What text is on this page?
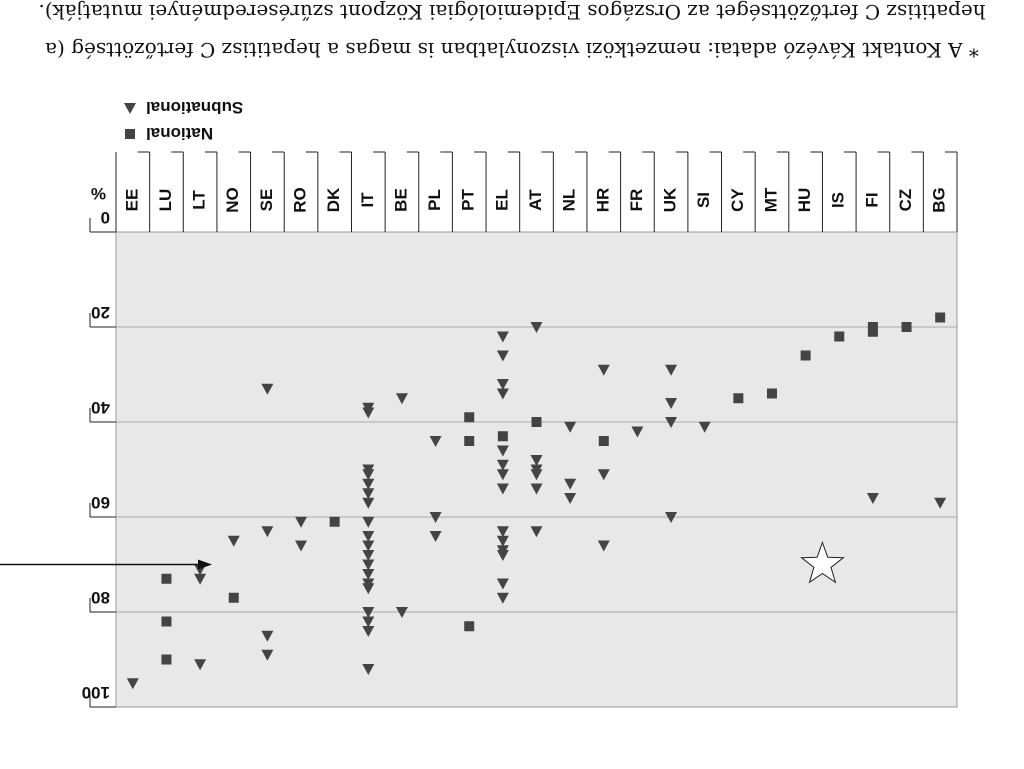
* A Kontakt Kávézó adatai: nemzetközi viszonylatban is magas a hepatitisz C fertőzöttség (a
hepatitisz C fertőzöttséget az Országos Epidemiológiai Központ szűréseredményei mutatják).
0
20
40
60
80
100
%	BG
CZ
FI
IS
HU
MT
CY
SI
UK
FR
HR
NL
AT
EL
PT
PL
BE
IT
DK
RO
SE
NO
LT
LU
EE
National
Subnational
